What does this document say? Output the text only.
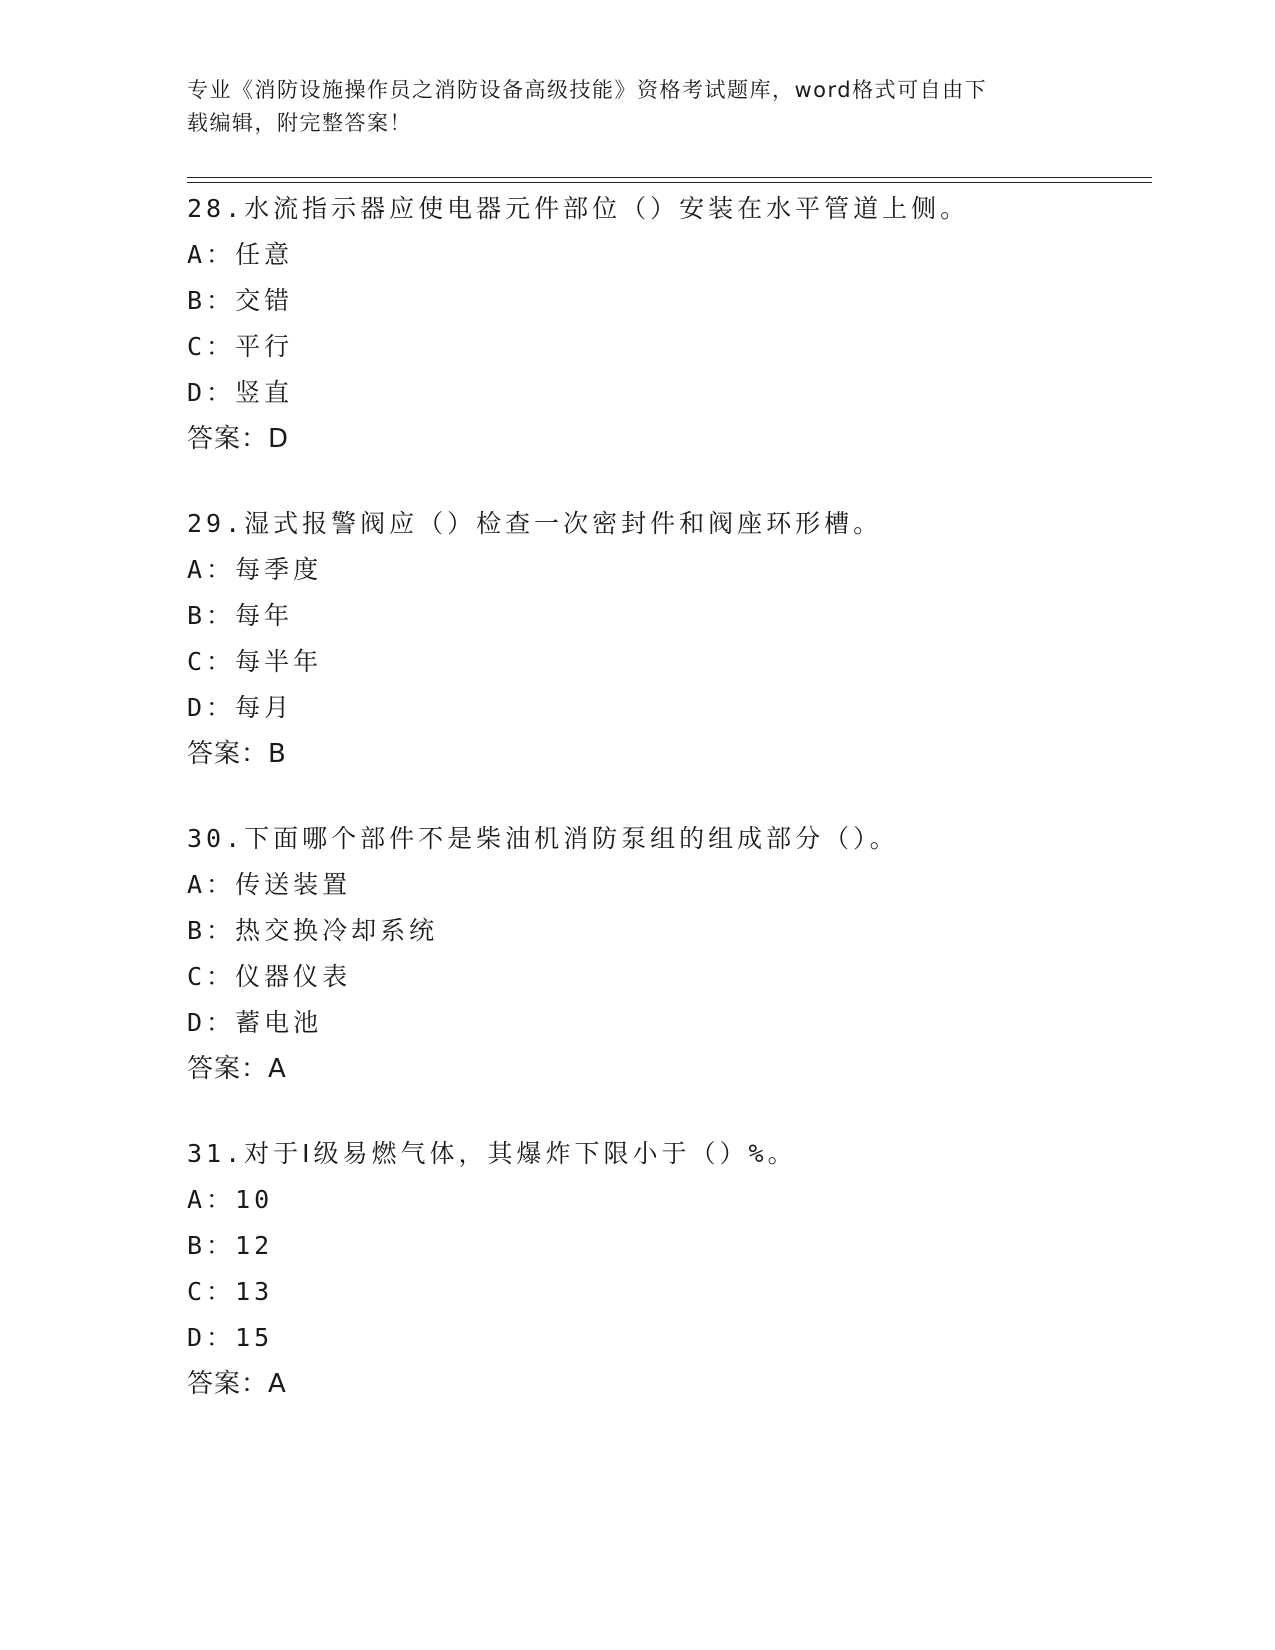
专业《消防设施操作员之消防设备高级技能》资格考试题库，word格式可自由下
载编辑，附完整答案！
28.水流指示器应使电器元件部位（）安装在水平管道上侧。
A：任意
B：交错
C：平行
D：竖直
答案：D
29.湿式报警阀应（）检查一次密封件和阀座环形槽。
A：每季度
B：每年
C：每半年
D：每月
答案：B
30.下面哪个部件不是柴油机消防泵组的组成部分（）。
A：传送装置
B：热交换冷却系统
C：仪器仪表
D：蓄电池
答案：A
31.对于Ⅰ级易燃气体，其爆炸下限小于（）%。
A：10
B：12
C：13
D：15
答案：A
